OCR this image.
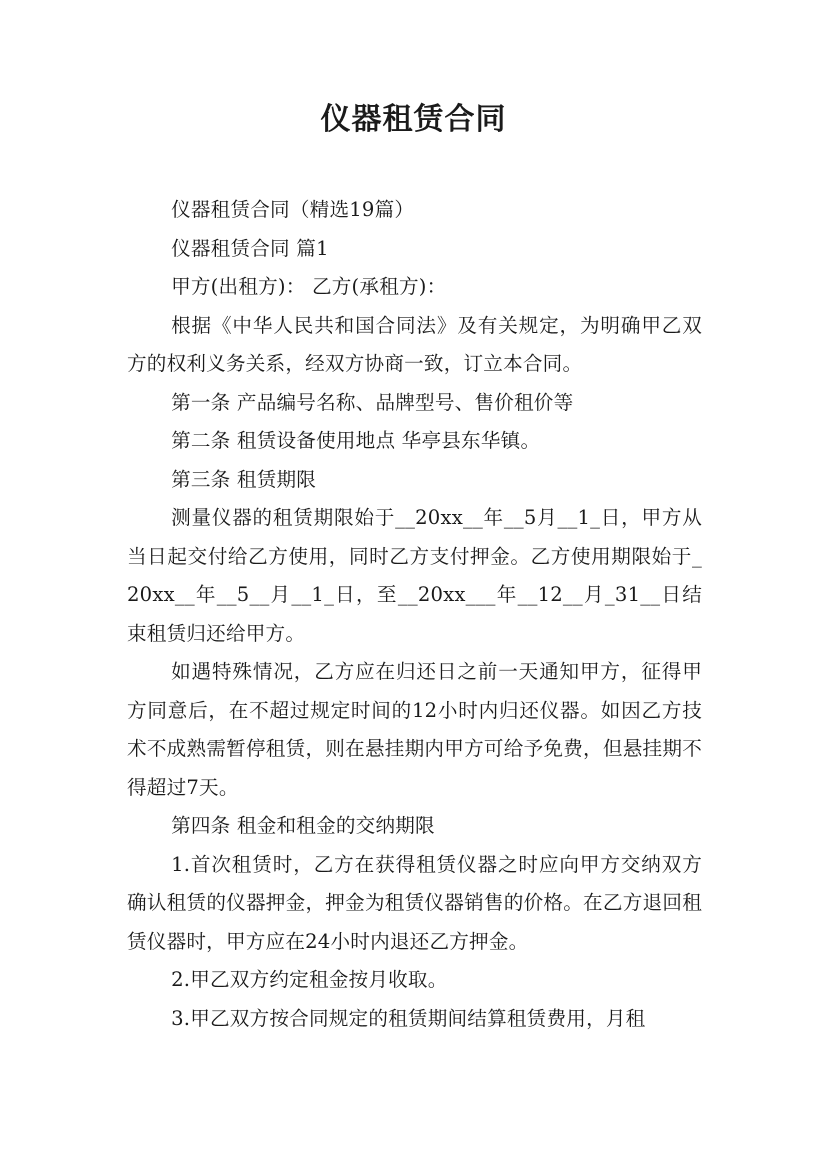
仪器租赁合同

仪器租赁合同（精选19篇）

仪器租赁合同 篇1

甲方(出租方)： 乙方(承租方)：

根据《中华人民共和国合同法》及有关规定，为明确甲乙双方的权利义务关系，经双方协商一致，订立本合同。

第一条 产品编号名称、品牌型号、售价租价等

第二条 租赁设备使用地点 华亭县东华镇。

第三条 租赁期限

测量仪器的租赁期限始于__20xx__年__5月__1_日，甲方从当日起交付给乙方使用，同时乙方支付押金。乙方使用期限始于_20xx__年__5__月__1_日，至__20xx___年__12__月_31__日结束租赁归还给甲方。

如遇特殊情况，乙方应在归还日之前一天通知甲方，征得甲方同意后，在不超过规定时间的12小时内归还仪器。如因乙方技术不成熟需暂停租赁，则在悬挂期内甲方可给予免费，但悬挂期不得超过7天。

第四条 租金和租金的交纳期限

1.首次租赁时，乙方在获得租赁仪器之时应向甲方交纳双方确认租赁的仪器押金，押金为租赁仪器销售的价格。在乙方退回租赁仪器时，甲方应在24小时内退还乙方押金。

2.甲乙双方约定租金按月收取。

3.甲乙双方按合同规定的租赁期间结算租赁费用，月租
